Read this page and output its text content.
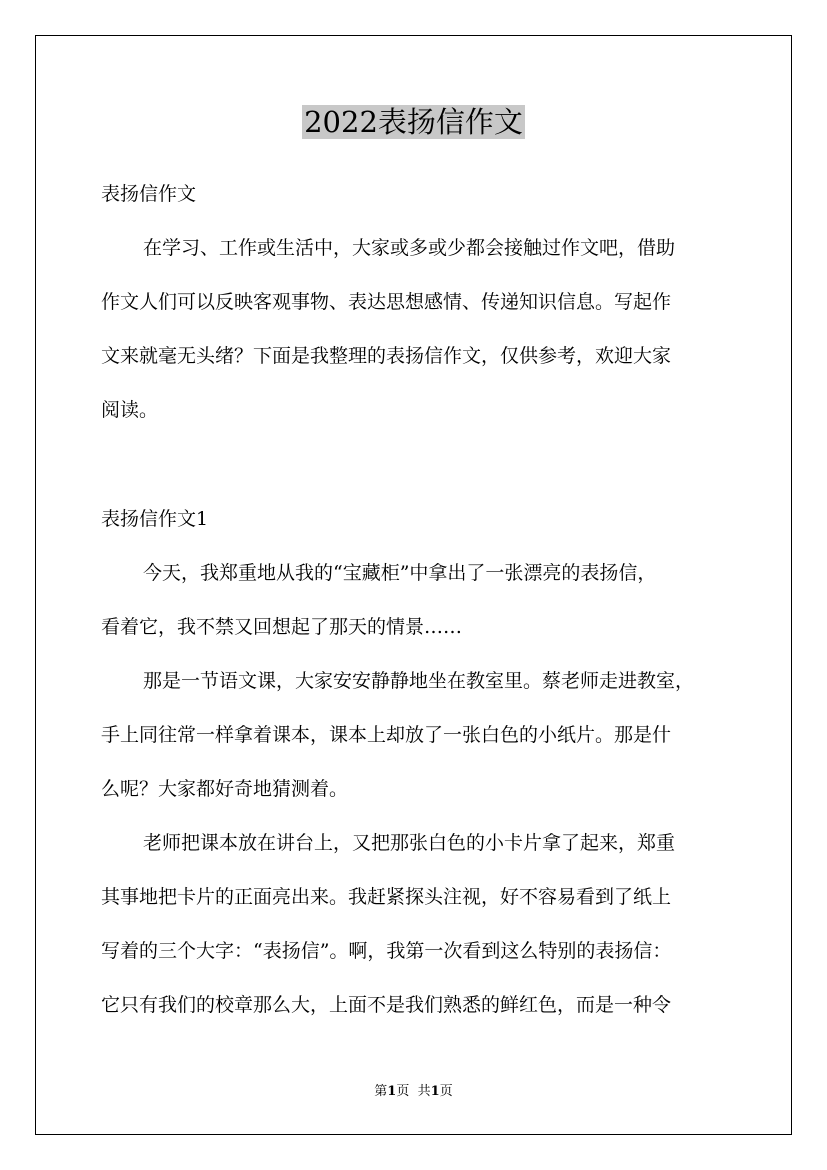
2022表扬信作文
表扬信作文
在学习、工作或生活中，大家或多或少都会接触过作文吧，借助
作文人们可以反映客观事物、表达思想感情、传递知识信息。写起作
文来就毫无头绪？下面是我整理的表扬信作文，仅供参考，欢迎大家
阅读。
表扬信作文1
今天，我郑重地从我的“宝藏柜”中拿出了一张漂亮的表扬信，
看着它，我不禁又回想起了那天的情景……
那是一节语文课，大家安安静静地坐在教室里。蔡老师走进教室，
手上同往常一样拿着课本，课本上却放了一张白色的小纸片。那是什
么呢？大家都好奇地猜测着。
老师把课本放在讲台上，又把那张白色的小卡片拿了起来，郑重
其事地把卡片的正面亮出来。我赶紧探头注视，好不容易看到了纸上
写着的三个大字：“表扬信”。啊，我第一次看到这么特别的表扬信：
它只有我们的校章那么大，上面不是我们熟悉的鲜红色，而是一种令
第1页 共1页
